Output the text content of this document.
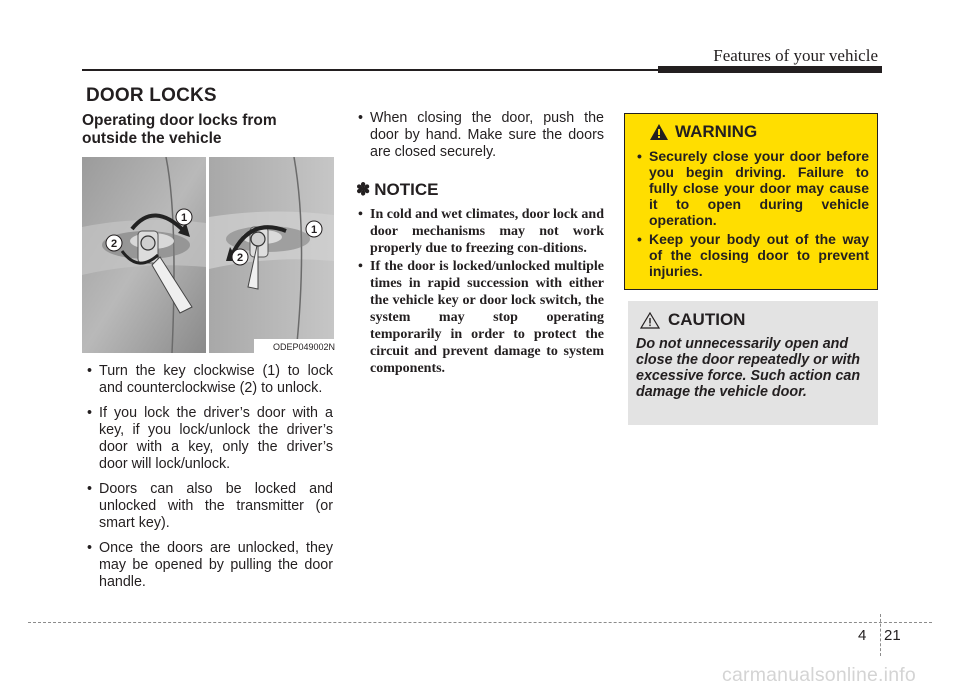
Features of your vehicle
DOOR LOCKS
Operating door locks from outside the vehicle
1
2
1
2
ODEP049002N
• Turn the key clockwise (1) to lock and counterclockwise (2) to unlock.
• If you lock the driver’s door with a key, if you lock/unlock the driver’s door with a key, only the driver’s door will lock/unlock.
• Doors can also be locked and unlocked with the transmitter (or smart key).
• Once the doors are unlocked, they may be opened by pulling the door handle.
• When closing the door, push the door by hand. Make sure the doors are closed securely.
✽ NOTICE
• In cold and wet climates, door lock and door mechanisms may not work properly due to freezing con-ditions.
• If the door is locked/unlocked multiple times in rapid succession with either the vehicle key or door lock switch, the system may stop operating temporarily in order to protect the circuit and prevent damage to system components.
WARNING
• Securely close your door before you begin driving. Failure to fully close your door may cause it to open during vehicle operation.
• Keep your body out of the way of the closing door to prevent injuries.
CAUTION
Do not unnecessarily open and close the door repeatedly or with excessive force. Such action can damage the vehicle door.
4 21
carmanualsonline.info
